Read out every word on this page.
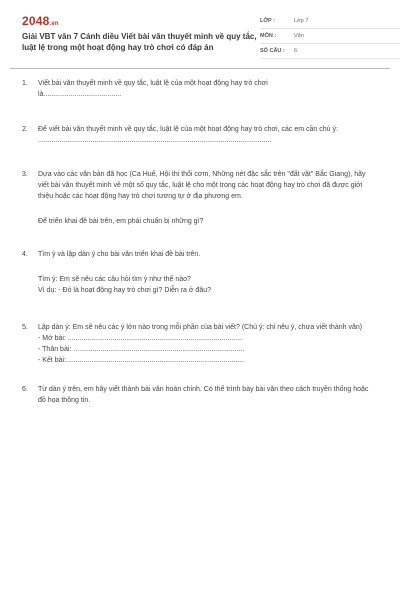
2048.vn
Giải VBT văn 7 Cánh diều Viết bài văn thuyết minh về quy tắc, luật lệ trong một hoạt động hay trò chơi có đáp án
LỚP :	Lớp 7
MÔN :	Văn
SỐ CÂU :	6
1.	Viết bài văn thuyết minh về quy tắc, luật lệ của một hoạt động hay trò chơi

là........................................

2.	Để viết bài văn thuyết minh về quy tắc, luật lệ của một hoạt động hay trò chơi, các em cần chú ý:

........................................................................................................................

3.	Dựa vào các văn bản đã học (Ca Huế, Hội thi thổi cơm, Những nét đặc sắc trên "đất vật" Bắc Giang), hãy viết bài văn thuyết minh về một số quy tắc, luật lệ cho một trong các hoạt động hay trò chơi đã được giới thiệu hoặc các hoạt động hay trò chơi tương tự ở địa phương em.

Để triển khai đề bài trên, em phải chuẩn bị những gì?

4.	Tìm ý và lập dàn ý cho bài văn triển khai đề bài trên.

Tìm ý: Em sẽ nêu các câu hỏi tìm ý như thế nào?

Ví dụ: - Đó là hoạt động hay trò chơi gì? Diễn ra ở đâu?

5.	Lập dàn ý: Em sẽ nêu các ý lớn nào trong mỗi phần của bài viết? (Chú ý: chỉ nêu ý, chưa viết thành văn)

- Mở bài: ..........................................................................................

- Thân bài: ........................................................................................

- Kết bài:............................................................................................

6.	Từ dàn ý trên, em hãy viết thành bài văn hoàn chỉnh. Có thể trình bày bài văn theo cách truyền thống hoặc đồ họa thông tin.
